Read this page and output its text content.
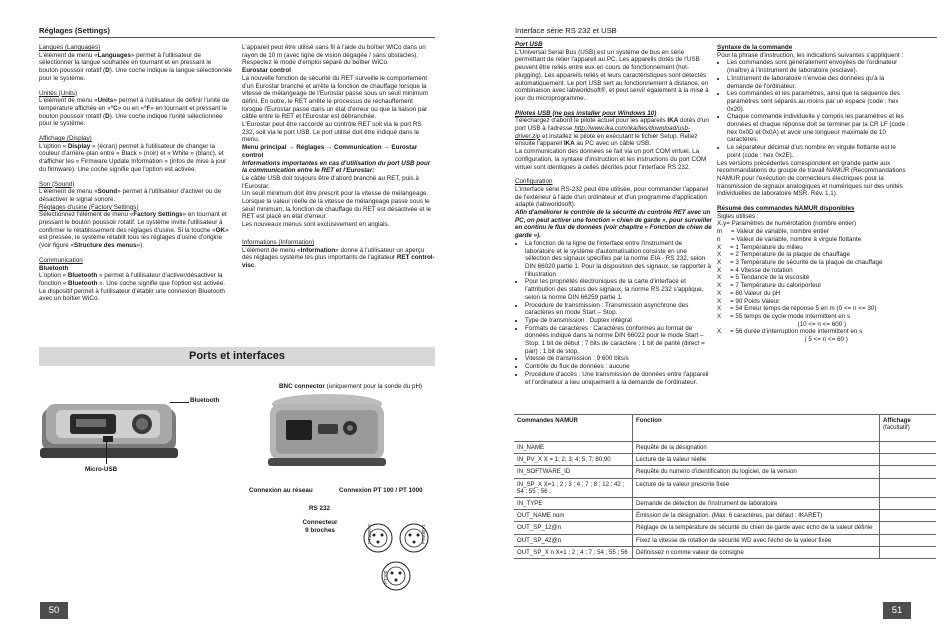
Réglages (Settings)

Langues (Languages)
L'élément de menu «Languages» permet à l'utilisateur de sélectionner la langue souhaitée en tournant et en pressant le bouton poussoir rotatif (D). Une coche indique la langue sélectionnée pour le système.

Unités (Units)
L'élément de menu «Units» permet à l'utilisateur de définir l'unité de température affichée en «°C» ou en «°F» en tournant et pressant le bouton poussoir rotatif (D). Une coche indique l'unité sélectionnée pour le système.

Affichage (Display)
L'option « Display » (écran) permet à l'utilisateur de changer la couleur d'arrière-plan entre « Black » (noir) et « White » (blanc), et d'afficher les « Firmware Update Information » (infos de mise à jour du firmware). Une coche signifie que l'option est activée.

Son (Sound)
L'élément de menu «Sound» permet à l'utilisateur d'activer ou de désactiver le signal sonore.

Réglages d'usine (Factory Settings)
Sélectionnez l'élément de menu «Factory Settings» en tournant et pressant le bouton poussoir rotatif. Le système invite l'utilisateur à confirmer le rétablissement des réglages d'usine. Si la touche «OK» est pressée, le système rétablit tous les réglages d'usine d'origine (voir figure «Structure des menus»).

Communication
Bluetooth
L'option « Bluetooth » permet à l'utilisateur d'activer/désactiver la fonction « Bluetooth ». Une coche signifie que l'option est activée.
Le dispositif permet à l'utilisateur d'établir une connexion Bluetooth avec un boîtier WiCo.

L'appareil peut être utilisé sans fil à l'aide du boîtier WiCo dans un rayon de 10 m (avec ligne de vision dégagée / sans obstacles). Respectez le mode d'emploi séparé du boîtier WiCo.
Eurostar control
La nouvelle fonction de sécurité du RET surveille le comportement d'un Eurostar branché et arrête la fonction de chauffage lorsque la vitesse de mélangeage de l'Eurostar passe sous un seuil minimum défini. En outre, le RET arrête le processus de réchauffement lorsque l'Eurostar passe dans un état d'erreur ou que la liaison par câble entre le RET et l'Eurostar est débranchée.
L'Eurostar peut être raccordé au contrôle RET soit via le port RS 232, soit via le port USB. Le port utilisé doit être indiqué dans le menu.
Menu principal → Réglages → Communication → Eurostar control
Informations importantes en cas d'utilisation du port USB pour la communication entre le RET et l'Eurostar:
Le câble USB doit toujours être d'abord branché au RET, puis à l'Eurostar.
Un seuil minimum doit être prescrit pour la vitesse de mélangeage. Lorsque la valeur réelle de la vitesse de mélangeage passe sous le seuil minimum, la fonction de chauffage du RET est désactivée et le RET est placé en état d'erreur.
Les nouveaux menus sont exclusivement en anglais.
Informations (Information)
L'élément de menu «Information» donne à l'utilisateur un aperçu des réglages système les plus importants de l'agitateur RET control-visc.
Ports et interfaces
Bluetooth
Micro-USB
BNC connector (uniquement pour la sonde du pH)
Connexion au réseau	Connexion PT 100 / PT 1000
RS 232
Connecteur
9 broches	PT1000-2	PT1000-1
PT100
50
Interface série RS 232 et USB
Port USB
L'Universal Serial Bus (USB) est un système de bus en série permettant de relier l'appareil au PC. Les appareils dotés de l'USB peuvent être reliés entre eux en cours de fonctionnement (hot-plugging). Les appareils reliés et leurs caractéristiques sont détectés automatiquement. Le port USB sert au fonctionnement à distance, en combinaison avec labworldsoft®, et peut servir également à la mise à jour du microprogramme.
Pilotes USB (ne pas installer pour Windows 10)
Téléchargez d'abord le pilote actuel pour les appareils IKA dotés d'un port USB à l'adresse http://www.ika.com/ika/lws/download/usb-driver.zip et installez le pilote en exécutant le fichier Setup. Reliez ensuite l'appareil IKA au PC avec un câble USB.
La communication des données se fait via un port COM virtuel. La configuration, la syntaxe d'instruction et les instructions du port COM virtuel sont identiques à celles décrites pour l'interface RS 232.
Configuration
L'interface série RS-232 peut être utilisée, pour commander l'appareil de l'extérieur à l'aide d'un ordinateur et d'un programme d'application adapté (labworldsoft).
Afin d'améliorer le contrôle de la sécurité du contrôle RET avec un PC, on peut activer une fonction « chien de garde », pour surveiller en continu le flux de données (voir chapitre « Fonction de chien de garde »).
• La fonction de la ligne de l'interface entre l'instrument de laboratoire et le système d'automatisation consiste en une sélection des signaux spécifiés par la norme EIA - RS 232, selon DIN 66020 partie 1. Pour la disposition des signaux, se rapporter à l'illustration
• Pour les propriétés électroniques de la carte d'interface et l'attribution des status des signaux, la norme RS 232 s'applique, selon la norme DIN 66259 partie 1.
• Procédure de transmission : Transmission asynchrone des caractères en mode Start – Stop.
• Type de transmission : Duplex intégral
• Formats de caractères : Caractères conformes au format de données indiqué dans la norme DIN 66022 pour le mode Start – Stop. 1 bit de début ; 7 bits de caractère ; 1 bit de parité (direct = pair) ; 1 bit de stop.
• Vitesse de transmission : 9 600 bits/s
• Contrôle du flux de données : aucune
• Procédure d'accès : Une transmission de données entre l'appareil et l'ordinateur a lieu uniquement à la demande de l'ordinateur.
Syntaxe de la commande
Pour la phrase d'instruction, les indications suivantes s'appliquent :
• Les commandes sont généralement envoyées de l'ordinateur (maître) à l'instrument de laboratoire (esclave).
• L'instrument de laboratoire n'envoie des données qu'à la demande de l'ordinateur.
• Les commandes et les paramètres, ainsi que la séquence des paramètres sont séparés au moins par un espace (code : hex 0x20).
• Chaque commande individuelle y compris les paramètres et les données et chaque réponse doit se terminer par la CR LF (code : hex 0x0D et 0x0A) et avoir une longueur maximale de 10 caractères.
• Le séparateur décimal d'un nombre en virgule flottante est le point (code : hex 0x2E).
Les versions précédentes correspondent en grande partie aux recommandations du groupe de travail NAMUR (Recommandations NAMUR pour l'exécution de connecteurs électriques pour la transmission de signaux analogiques et numériques sur des unités individuelles de laboratoire MSR. Rév. 1.1).
Résumé des commandes NAMUR disponibles
Sigles utilisés :
X,y= Paramètres de numérotation (nombre entier)
m     = Valeur de variable, nombre entier
n      = Valeur de variable, nombre à virgule flottante
X     = 1 Température du milieu
X     = 2 Température de la plaque de chauffage
X     = 3 Température de sécurité de la plaque de chauffage
X     = 4 Vitesse de rotation
X     = 5 Tendance de la viscosité
X     = 7 Température du caloriporteur
X     = 80 Valeur du pH
X     = 90 Poids Valeur
X     = 54 Erreur temps de réponse 5 en m (0 <= n <= 30)
X     = 55 temps de cycle mode intermittent en s
(10 <= n <= 600 )
X     = 56 durée d'interruption mode intermittent en s
( 5 <= n <= 60 )
51
Commandes NAMUR	Fonction	Affichage
(facultatif)
IN_NAME	Requête de la désignation	
IN_PV_X X = 1; 2; 3; 4; 5; 7; 80;90	Lecture de la valeur réelle	
IN_SOFTWARE_ID	Requête du numéro d'identification du logiciel, de la version	
IN_SP_X X=1 ; 2 ; 3 ; 4 ; 7 ; 8 ; 12 ; 42 ; 54 ; 55 ; 56 ;	Lecture de la valeur prescrite fixée	
IN_TYPE	Demande de détection de l'instrument de laboratoire	
OUT_NAME nom	Émission de la désignation. (Max. 6 caractères, par défaut : IKARET)	
OUT_SP_12@n	Réglage de la température de sécurité du chien de garde avec écho de la valeur définie	
OUT_SP_42@n	Fixez la vitesse de rotation de sécurité WD avec l'écho de la valeur fixée	
OUT_SP_X n X=1 ; 2 ; 4 ; 7 ; 54 ; 55 ; 56	Définissez n comme valeur de consigne	
